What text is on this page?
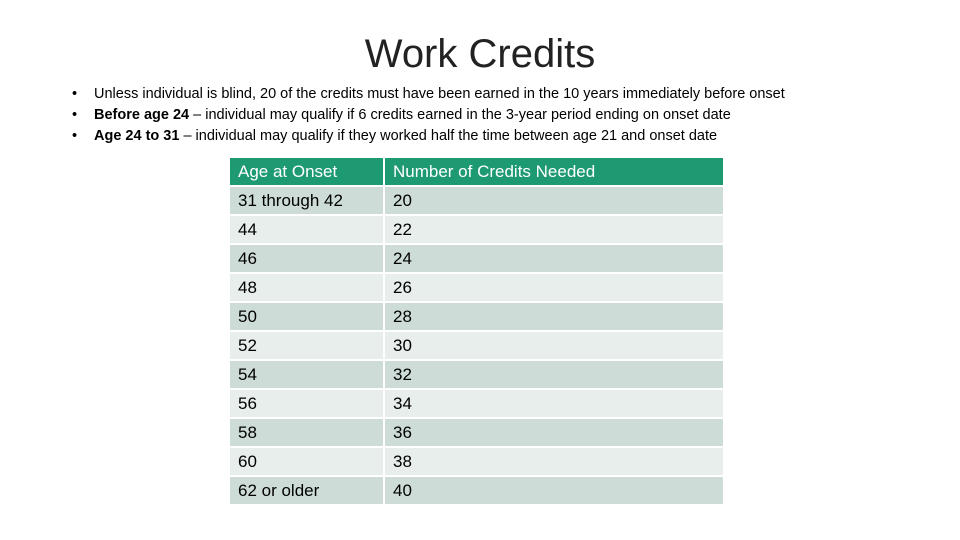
Work Credits
• Unless individual is blind, 20 of the credits must have been earned in the 10 years immediately before onset
• Before age 24 – individual may qualify if 6 credits earned in the 3-year period ending on onset date
• Age 24 to 31 – individual may qualify if they worked half the time between age 21 and onset date
Age at Onset	Number of Credits Needed
31 through 42	20
44	22
46	24
48	26
50	28
52	30
54	32
56	34
58	36
60	38
62 or older	40
